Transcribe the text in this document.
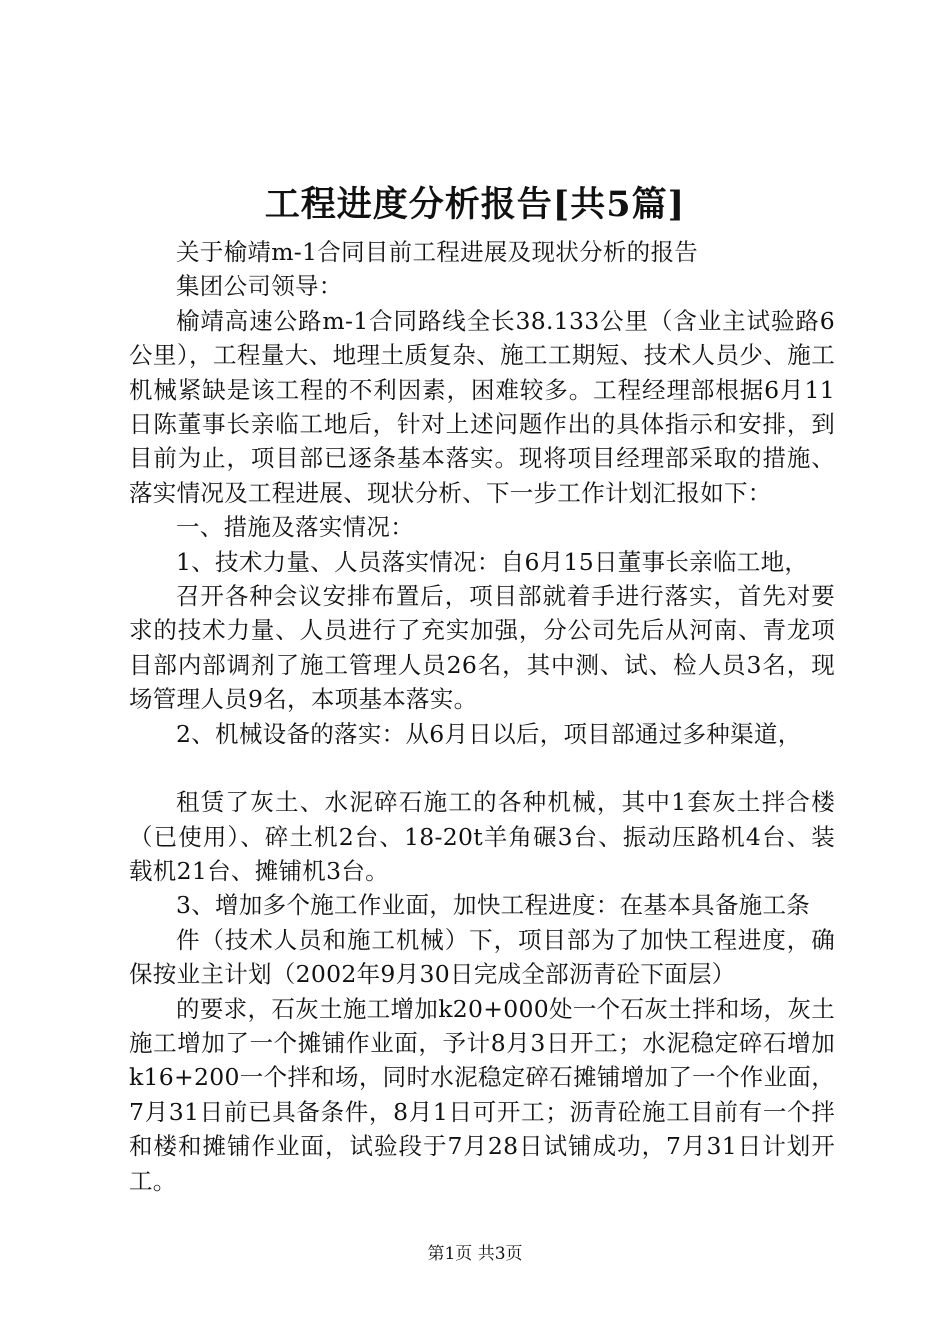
工程进度分析报告[共5篇]

关于榆靖m-1合同目前工程进展及现状分析的报告

集团公司领导：

榆靖高速公路m-1合同路线全长38.133公里（含业主试验路6公里），工程量大、地理土质复杂、施工工期短、技术人员少、施工机械紧缺是该工程的不利因素，困难较多。工程经理部根据6月11日陈董事长亲临工地后，针对上述问题作出的具体指示和安排，到目前为止，项目部已逐条基本落实。现将项目经理部采取的措施、落实情况及工程进展、现状分析、下一步工作计划汇报如下：

一、措施及落实情况：

1、技术力量、人员落实情况：自6月15日董事长亲临工地，

召开各种会议安排布置后，项目部就着手进行落实，首先对要求的技术力量、人员进行了充实加强，分公司先后从河南、青龙项目部内部调剂了施工管理人员26名，其中测、试、检人员3名，现场管理人员9名，本项基本落实。

2、机械设备的落实：从6月日以后，项目部通过多种渠道，

租赁了灰土、水泥碎石施工的各种机械，其中1套灰土拌合楼（已使用）、碎土机2台、18-20t羊角碾3台、振动压路机4台、装载机21台、摊铺机3台。

3、增加多个施工作业面，加快工程进度：在基本具备施工条

件（技术人员和施工机械）下，项目部为了加快工程进度，确保按业主计划（2002年9月30日完成全部沥青砼下面层）

的要求，石灰土施工增加k20+000处一个石灰土拌和场，灰土施工增加了一个摊铺作业面，予计8月3日开工；水泥稳定碎石增加k16+200一个拌和场，同时水泥稳定碎石摊铺增加了一个作业面，7月31日前已具备条件，8月1日可开工；沥青砼施工目前有一个拌和楼和摊铺作业面，试验段于7月28日试铺成功，7月31日计划开工。

第1页 共3页
